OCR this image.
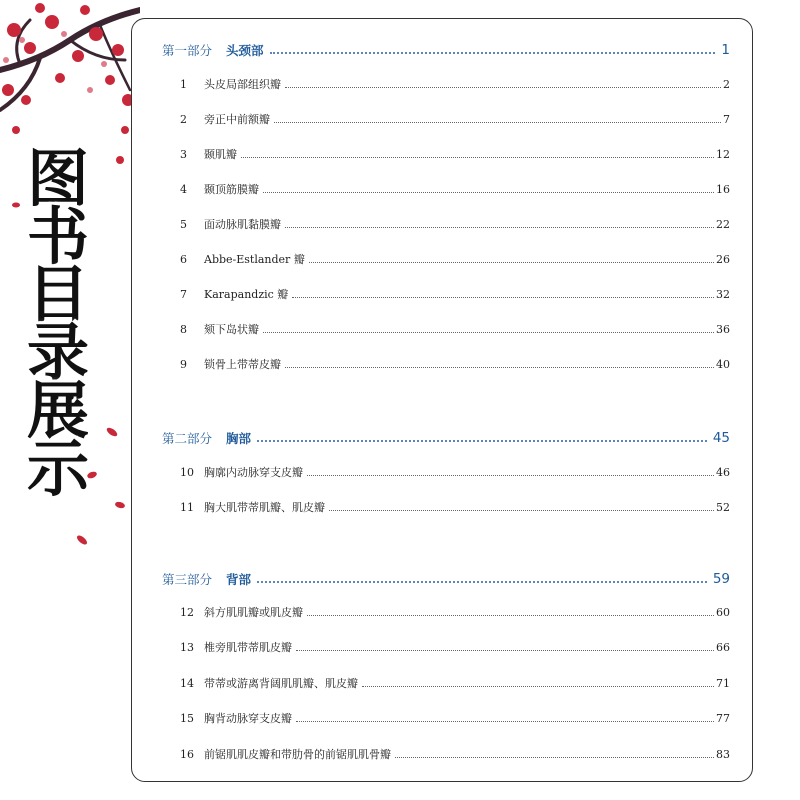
图
书
目
录
展
示
第一部分 头颈部	1
1	头皮局部组织瓣	2
2	旁正中前额瓣	7
3	颞肌瓣	12
4	颞顶筋膜瓣	16
5	面动脉肌黏膜瓣	22
6	Abbe-Estlander 瓣	26
7	Karapandzic 瓣	32
8	颏下岛状瓣	36
9	锁骨上带蒂皮瓣	40
第二部分 胸部	45
10 胸廓内动脉穿支皮瓣	46
11 胸大肌带蒂肌瓣、肌皮瓣	52
第三部分 背部	59
12 斜方肌肌瓣或肌皮瓣	60
13 椎旁肌带蒂肌皮瓣	66
14 带蒂或游离背阔肌肌瓣、肌皮瓣	71
15 胸背动脉穿支皮瓣	77
16 前锯肌肌皮瓣和带肋骨的前锯肌肌骨瓣	83
